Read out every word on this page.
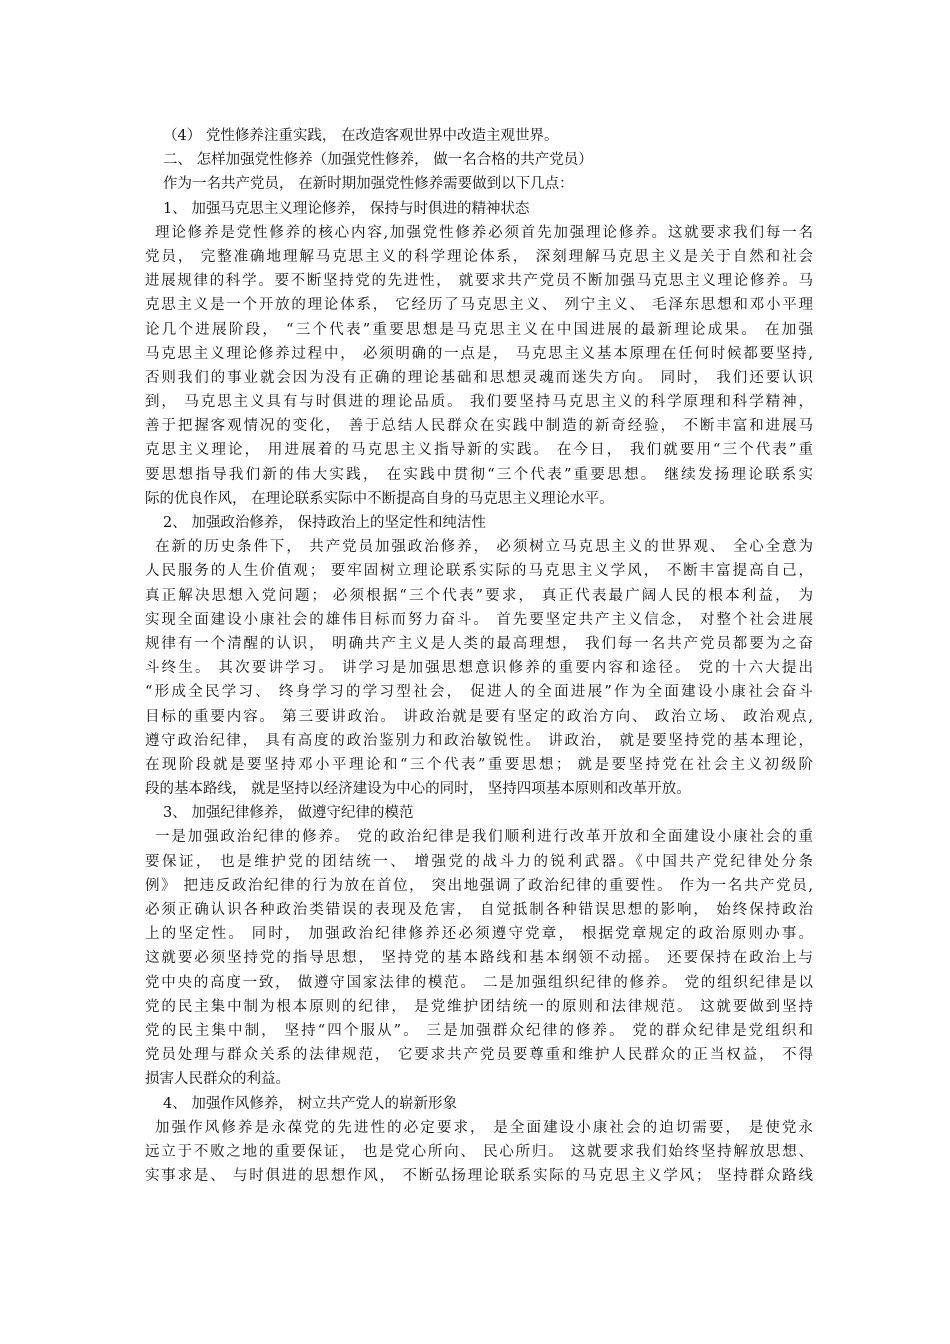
（4） 党性修养注重实践， 在改造客观世界中改造主观世界。
二、 怎样加强党性修养（加强党性修养， 做一名合格的共产党员）
作为一名共产党员， 在新时期加强党性修养需要做到以下几点：
1、 加强马克思主义理论修养， 保持与时俱进的精神状态
理论修养是党性修养的核心内容,加强党性修养必须首先加强理论修养。这就要求我们每一名
党员， 完整准确地理解马克思主义的科学理论体系， 深刻理解马克思主义是关于自然和社会
进展规律的科学。要不断坚持党的先进性， 就要求共产党员不断加强马克思主义理论修养。马
克思主义是一个开放的理论体系， 它经历了马克思主义、 列宁主义、 毛泽东思想和邓小平理
论几个进展阶段， “三个代表”重要思想是马克思主义在中国进展的最新理论成果。 在加强
马克思主义理论修养过程中， 必须明确的一点是， 马克思主义基本原理在任何时候都要坚持,
否则我们的事业就会因为没有正确的理论基础和思想灵魂而迷失方向。 同时， 我们还要认识
到， 马克思主义具有与时俱进的理论品质。 我们要坚持马克思主义的科学原理和科学精神，
善于把握客观情况的变化， 善于总结人民群众在实践中制造的新奇经验， 不断丰富和进展马
克思主义理论， 用进展着的马克思主义指导新的实践。 在今日， 我们就要用“三个代表”重
要思想指导我们新的伟大实践， 在实践中贯彻“三个代表”重要思想。 继续发扬理论联系实
际的优良作风， 在理论联系实际中不断提高自身的马克思主义理论水平。
2、 加强政治修养， 保持政治上的坚定性和纯洁性
在新的历史条件下， 共产党员加强政治修养， 必须树立马克思主义的世界观、 全心全意为
人民服务的人生价值观； 要牢固树立理论联系实际的马克思主义学风， 不断丰富提高自己，
真正解决思想入党问题； 必须根据“三个代表”要求， 真正代表最广阔人民的根本利益， 为
实现全面建设小康社会的雄伟目标而努力奋斗。 首先要坚定共产主义信念， 对整个社会进展
规律有一个清醒的认识， 明确共产主义是人类的最高理想， 我们每一名共产党员都要为之奋
斗终生。 其次要讲学习。 讲学习是加强思想意识修养的重要内容和途径。 党的十六大提出
“形成全民学习、 终身学习的学习型社会， 促进人的全面进展”作为全面建设小康社会奋斗
目标的重要内容。 第三要讲政治。 讲政治就是要有坚定的政治方向、 政治立场、 政治观点,
遵守政治纪律， 具有高度的政治鉴别力和政治敏锐性。 讲政治， 就是要坚持党的基本理论，
在现阶段就是要坚持邓小平理论和“三个代表”重要思想； 就是要坚持党在社会主义初级阶
段的基本路线， 就是坚持以经济建设为中心的同时， 坚持四项基本原则和改革开放。
3、 加强纪律修养， 做遵守纪律的模范
一是加强政治纪律的修养。 党的政治纪律是我们顺利进行改革开放和全面建设小康社会的重
要保证， 也是维护党的团结统一、 增强党的战斗力的锐利武器。《中国共产党纪律处分条
例》 把违反政治纪律的行为放在首位， 突出地强调了政治纪律的重要性。 作为一名共产党员,
必须正确认识各种政治类错误的表现及危害， 自觉抵制各种错误思想的影响， 始终保持政治
上的坚定性。 同时， 加强政治纪律修养还必须遵守党章， 根据党章规定的政治原则办事。
这就要必须坚持党的指导思想， 坚持党的基本路线和基本纲领不动摇。 还要保持在政治上与
党中央的高度一致， 做遵守国家法律的模范。 二是加强组织纪律的修养。 党的组织纪律是以
党的民主集中制为根本原则的纪律， 是党维护团结统一的原则和法律规范。 这就要做到坚持
党的民主集中制， 坚持“四个服从”。 三是加强群众纪律的修养。 党的群众纪律是党组织和
党员处理与群众关系的法律规范， 它要求共产党员要尊重和维护人民群众的正当权益， 不得
损害人民群众的利益。
4、 加强作风修养， 树立共产党人的崭新形象
加强作风修养是永葆党的先进性的必定要求， 是全面建设小康社会的迫切需要， 是使党永
远立于不败之地的重要保证， 也是党心所向、 民心所归。 这就要求我们始终坚持解放思想、
实事求是、 与时俱进的思想作风， 不断弘扬理论联系实际的马克思主义学风； 坚持群众路线
